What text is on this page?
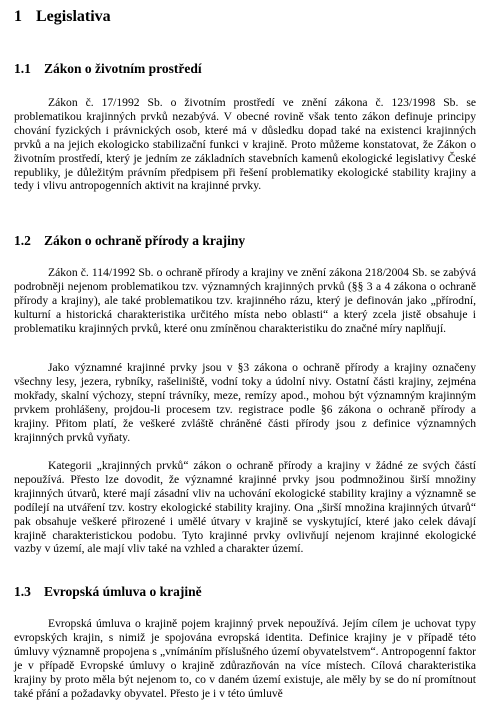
1 Legislativa
1.1 Zákon o životním prostředí
Zákon č. 17/1992 Sb. o životním prostředí ve znění zákona č. 123/1998 Sb. se problematikou krajinných prvků nezabývá. V obecné rovině však tento zákon definuje principy chování fyzických i právnických osob, které má v důsledku dopad také na existenci krajinných prvků a na jejich ekologicko stabilizační funkci v krajině. Proto můžeme konstatovat, že Zákon o životním prostředí, který je jedním ze základních stavebních kamenů ekologické legislativy České republiky, je důležitým právním předpisem při řešení problematiky ekologické stability krajiny a tedy i vlivu antropogenních aktivit na krajinné prvky.
1.2 Zákon o ochraně přírody a krajiny
Zákon č. 114/1992 Sb. o ochraně přírody a krajiny ve znění zákona 218/2004 Sb. se zabývá podrobněji nejenom problematikou tzv. významných krajinných prvků (§§ 3 a 4 zákona o ochraně přírody a krajiny), ale také problematikou tzv. krajinného rázu, který je definován jako „přírodní, kulturní a historická charakteristika určitého místa nebo oblasti“ a který zcela jistě obsahuje i problematiku krajinných prvků, které onu zmíněnou charakteristiku do značné míry naplňují.
Jako významné krajinné prvky jsou v §3 zákona o ochraně přírody a krajiny označeny všechny lesy, jezera, rybníky, rašeliniště, vodní toky a údolní nivy. Ostatní části krajiny, zejména mokřady, skalní výchozy, stepní trávníky, meze, remízy apod., mohou být významným krajinným prvkem prohlášeny, projdou-li procesem tzv. registrace podle §6 zákona o ochraně přírody a krajiny. Přitom platí, že veškeré zvláště chráněné části přírody jsou z definice významných krajinných prvků vyňaty.
Kategorii „krajinných prvků“ zákon o ochraně přírody a krajiny v žádné ze svých částí nepoužívá. Přesto lze dovodit, že významné krajinné prvky jsou podmnožinou širší množiny krajinných útvarů, které mají zásadní vliv na uchování ekologické stability krajiny a významně se podílejí na utváření tzv. kostry ekologické stability krajiny. Ona „širší množina krajinných útvarů“ pak obsahuje veškeré přirozené i umělé útvary v krajině se vyskytující, které jako celek dávají krajině charakteristickou podobu. Tyto krajinné prvky ovlivňují nejenom krajinné ekologické vazby v území, ale mají vliv také na vzhled a charakter území.
1.3 Evropská úmluva o krajině
Evropská úmluva o krajině pojem krajinný prvek nepoužívá. Jejím cílem je uchovat typy evropských krajin, s nimiž je spojována evropská identita. Definice krajiny je v případě této úmluvy významně propojena s „vnímáním příslušného území obyvatelstvem“. Antropogenní faktor je v případě Evropské úmluvy o krajině zdůrazňován na více místech. Cílová charakteristika krajiny by proto měla být nejenom to, co v daném území existuje, ale měly by se do ní promítnout také přání a požadavky obyvatel. Přesto je i v této úmluvě
